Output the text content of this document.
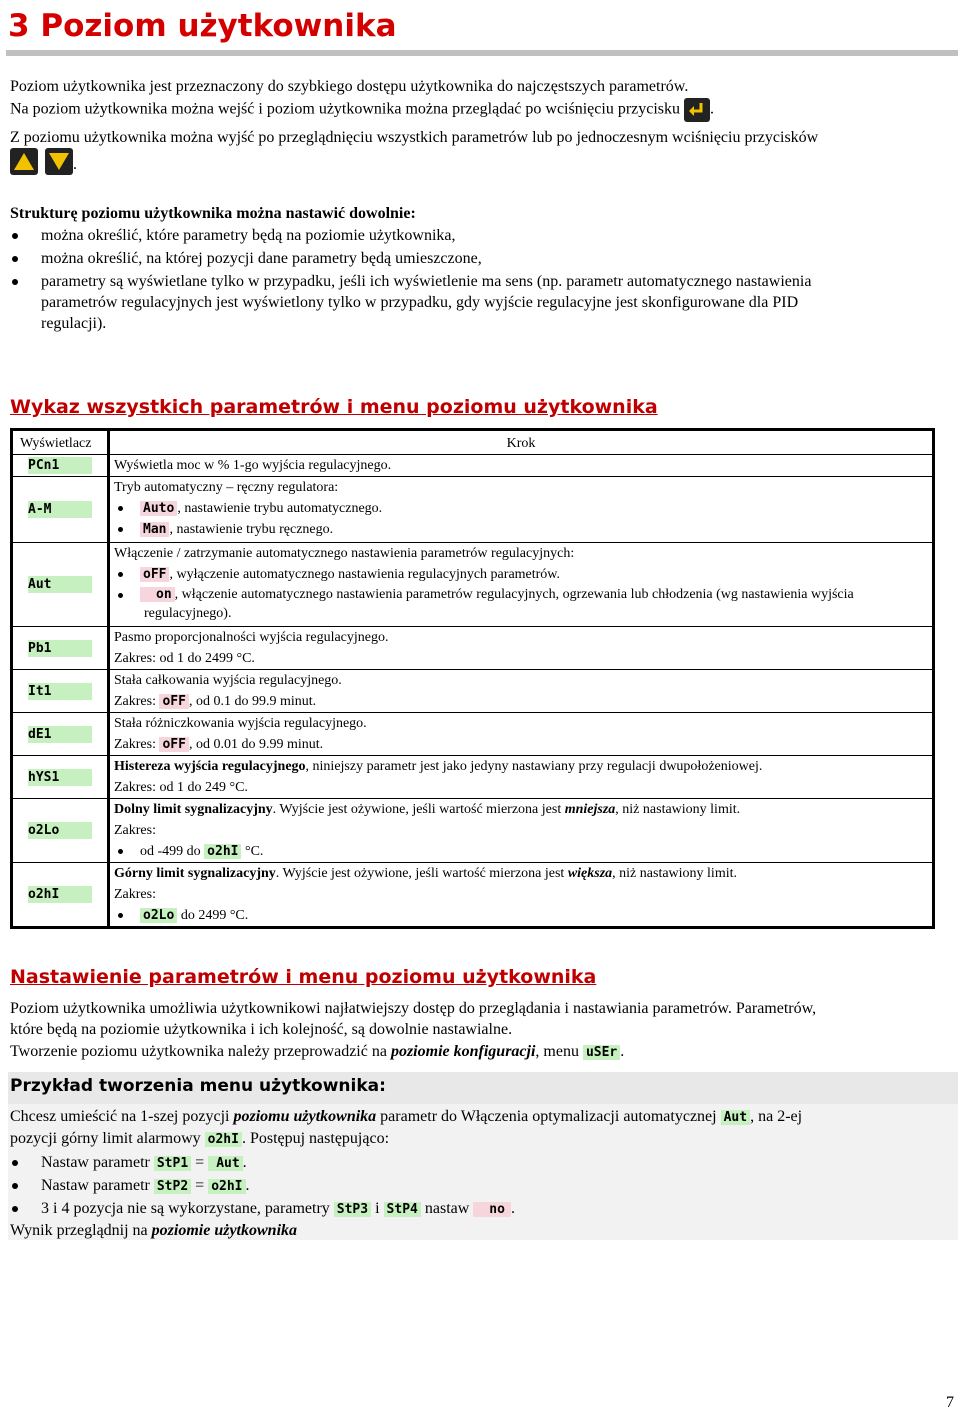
3 Poziom użytkownika
Poziom użytkownika jest przeznaczony do szybkiego dostępu użytkownika do najczęstszych parametrów.
Na poziom użytkownika można wejść i poziom użytkownika można przeglądać po wciśnięciu przycisku .
Z poziomu użytkownika można wyjść po przeglądnięciu wszystkich parametrów lub po jednoczesnym wciśnięciu przycisków

.
Strukturę poziomu użytkownika można nastawić dowolnie:
można określić, które parametry będą na poziomie użytkownika,
można określić, na której pozycji dane parametry będą umieszczone,
parametry są wyświetlane tylko w przypadku, jeśli ich wyświetlenie ma sens (np. parametr automatycznego nastawienia
parametrów regulacyjnych jest wyświetlony tylko w przypadku, gdy wyjście regulacyjne jest skonfigurowane dla PID
regulacji).
Wykaz wszystkich parametrów i menu poziomu użytkownika
Wyświetlacz	Krok

PCn1	Wyświetla moc w % 1-go wyjścia regulacyjnego.

A-M	Tryb automatyczny – ręczny regulatora:
Auto , nastawienie trybu automatycznego.
Man , nastawienie trybu ręcznego.

Aut	Włączenie / zatrzymanie automatycznego nastawienia parametrów regulacyjnych:
oFF , wyłączenie automatycznego nastawienia regulacyjnych parametrów.
on , włączenie automatycznego nastawienia parametrów regulacyjnych, ogrzewania lub chłodzenia (wg nastawienia wyjścia
regulacyjnego).

Pb1	Pasmo proporcjonalności wyjścia regulacyjnego.
Zakres: od 1 do 2499 °C.

It1	Stała całkowania wyjścia regulacyjnego.
Zakres: oFF , od 0.1 do 99.9 minut.

dE1	Stała różniczkowania wyjścia regulacyjnego.
Zakres: oFF , od 0.01 do 9.99 minut.

hYS1	Histereza wyjścia regulacyjnego, niniejszy parametr jest jako jedyny nastawiany przy regulacji dwupołożeniowej.
Zakres: od 1 do 249 °C.

o2Lo	Dolny limit sygnalizacyjny. Wyjście jest ożywione, jeśli wartość mierzona jest mniejsza, niż nastawiony limit.
Zakres:
od -499 do o2hI °C.

o2hI	Górny limit sygnalizacyjny. Wyjście jest ożywione, jeśli wartość mierzona jest większa, niż nastawiony limit.
Zakres:
o2Lo do 2499 °C.
Nastawienie parametrów i menu poziomu użytkownika
Poziom użytkownika umożliwia użytkownikowi najłatwiejszy dostęp do przeglądania i nastawiania parametrów. Parametrów,
które będą na poziomie użytkownika i ich kolejność, są dowolnie nastawialne.
Tworzenie poziomu użytkownika należy przeprowadzić na poziomie konfiguracji, menu uSEr .
Przykład tworzenia menu użytkownika:
Chcesz umieścić na 1-szej pozycji poziomu użytkownika parametr do Włączenia optymalizacji automatycznej Aut , na 2-ej
pozycji górny limit alarmowy o2hI . Postępuj następująco:
Nastaw parametr StP1 = Aut .
Nastaw parametr StP2 = o2hI .
3 i 4 pozycja nie są wykorzystane, parametry StP3 i StP4 nastaw no .
Wynik przeglądnij na poziomie użytkownika
7
